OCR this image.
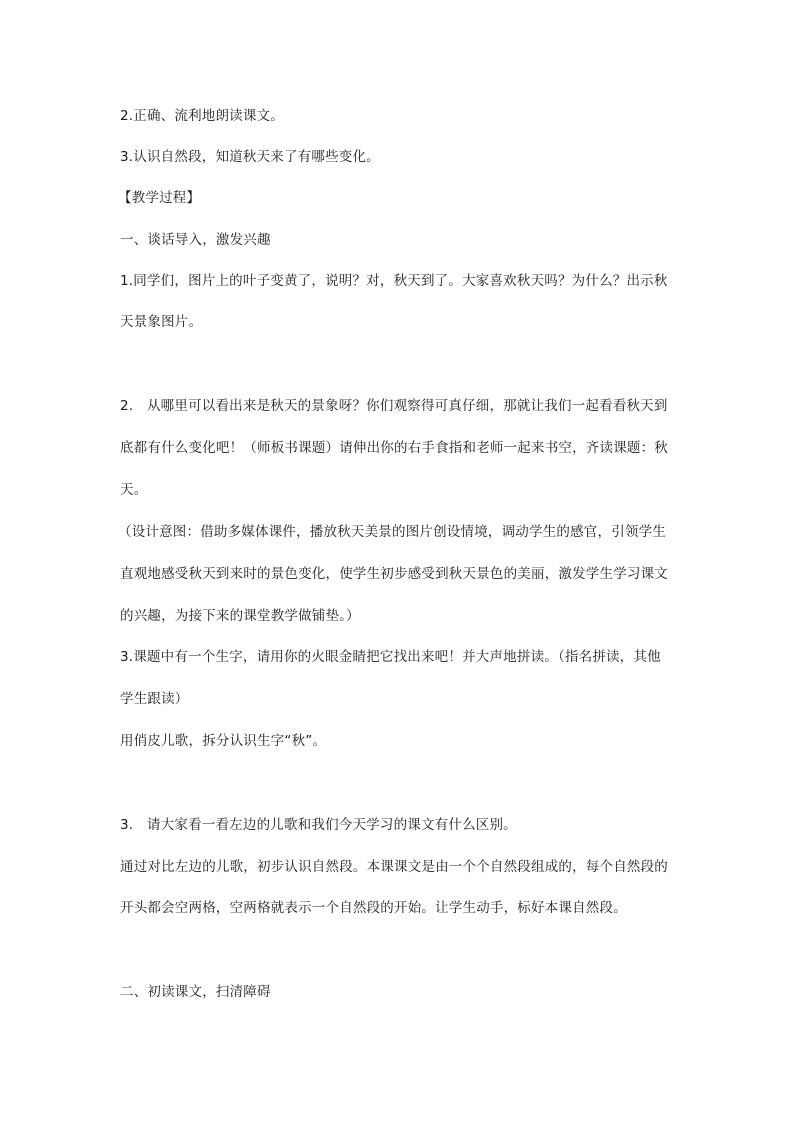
2.正确、流利地朗读课文。
3.认识自然段，知道秋天来了有哪些变化。
【教学过程】
一、谈话导入，激发兴趣
1.同学们，图片上的叶子变黄了，说明？对，秋天到了。大家喜欢秋天吗？为什么？出示秋
天景象图片。
2.　从哪里可以看出来是秋天的景象呀？你们观察得可真仔细，那就让我们一起看看秋天到
底都有什么变化吧！（师板书课题）请伸出你的右手食指和老师一起来书空，齐读课题：秋
天。
（设计意图：借助多媒体课件，播放秋天美景的图片创设情境，调动学生的感官，引领学生
直观地感受秋天到来时的景色变化，使学生初步感受到秋天景色的美丽，激发学生学习课文
的兴趣，为接下来的课堂教学做铺垫。）
3.课题中有一个生字，请用你的火眼金睛把它找出来吧！并大声地拼读。（指名拼读，其他
学生跟读）
用俏皮儿歌，拆分认识生字“秋”。
3.　请大家看一看左边的儿歌和我们今天学习的课文有什么区别。
通过对比左边的儿歌，初步认识自然段。本课课文是由一个个自然段组成的，每个自然段的
开头都会空两格，空两格就表示一个自然段的开始。让学生动手，标好本课自然段。
二、初读课文，扫清障碍
